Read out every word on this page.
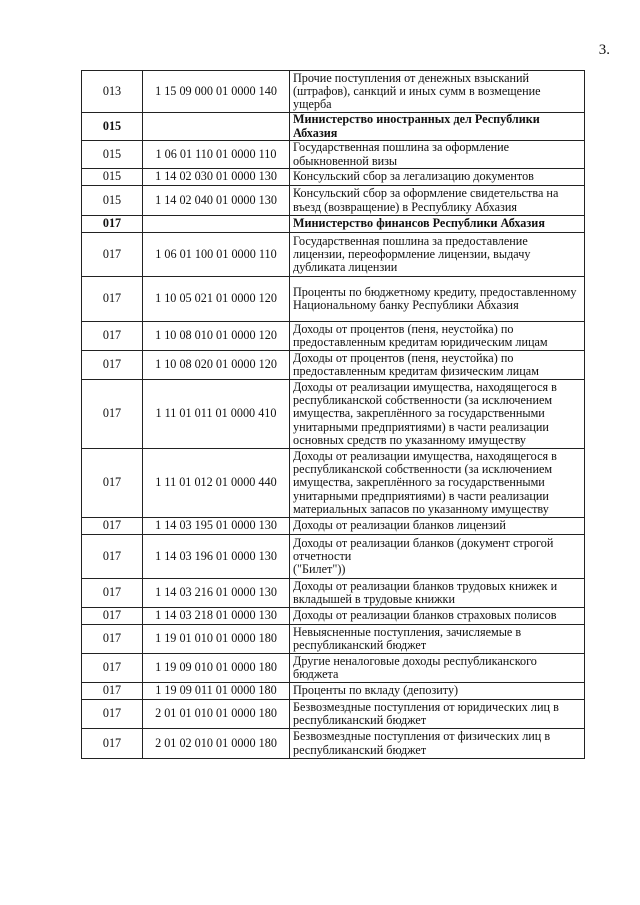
3.
013	1 15 09 000 01 0000 140	Прочие поступления от денежных взысканий (штрафов), санкций и иных сумм в возмещение ущерба
015		Министерство иностранных дел Республики Абхазия
015	1 06 01 110 01 0000 110	Государственная пошлина за оформление обыкновенной визы
015	1 14 02 030 01 0000 130	Консульский сбор за легализацию документов
015	1 14 02 040 01 0000 130	Консульский сбор за оформление свидетельства на въезд (возвращение) в Республику Абхазия
017		Министерство финансов Республики Абхазия
017	1 06 01 100 01 0000 110	Государственная пошлина за предоставление лицензии, переоформление лицензии, выдачу дубликата лицензии
017	1 10 05 021 01 0000 120	Проценты по бюджетному кредиту, предоставленному Национальному банку Республики Абхазия
017	1 10 08 010 01 0000 120	Доходы от процентов (пеня, неустойка) по предоставленным кредитам юридическим лицам
017	1 10 08 020 01 0000 120	Доходы от процентов (пеня, неустойка) по предоставленным кредитам физическим лицам
017	1 11 01 011 01 0000 410	Доходы от реализации имущества, находящегося в республиканской собственности (за исключением имущества, закреплённого за государственными унитарными предприятиями) в части реализации основных средств по указанному имуществу
017	1 11 01 012 01 0000 440	Доходы от реализации имущества, находящегося в республиканской собственности (за исключением имущества, закреплённого за государственными унитарными предприятиями) в части реализации материальных запасов по указанному имуществу
017	1 14 03 195 01 0000 130	Доходы от реализации бланков лицензий
017	1 14 03 196 01 0000 130	Доходы от реализации бланков (документ строгой отчетности
("Билет"))
017	1 14 03 216 01 0000 130	Доходы от реализации бланков трудовых книжек и вкладышей в трудовые книжки
017	1 14 03 218 01 0000 130	Доходы от реализации бланков страховых полисов
017	1 19 01 010 01 0000 180	Невыясненные поступления, зачисляемые в республиканский бюджет
017	1 19 09 010 01 0000 180	Другие неналоговые доходы республиканского бюджета
017	1 19 09 011 01 0000 180	Проценты по вкладу (депозиту)
017	2 01 01 010 01 0000 180	Безвозмездные поступления от юридических лиц в республиканский бюджет
017	2 01 02 010 01 0000 180	Безвозмездные поступления от физических лиц в республиканский бюджет
